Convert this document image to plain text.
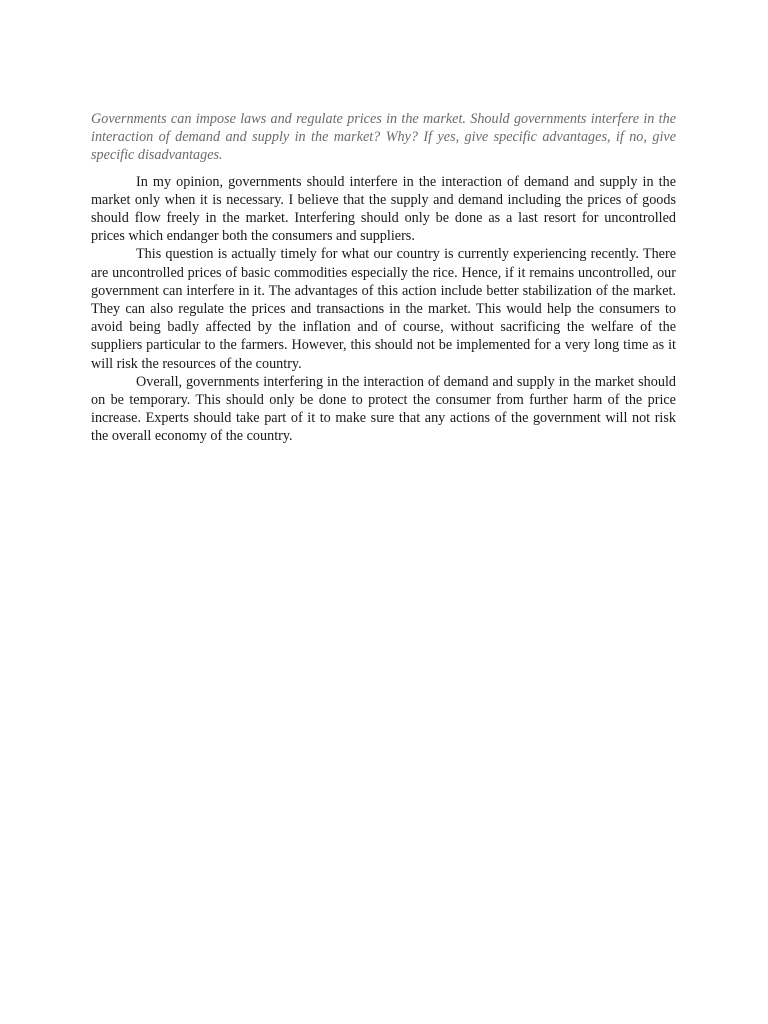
Governments can impose laws and regulate prices in the market. Should governments interfere in the interaction of demand and supply in the market? Why? If yes, give specific advantages, if no, give specific disadvantages.

In my opinion, governments should interfere in the interaction of demand and supply in the market only when it is necessary. I believe that the supply and demand including the prices of goods should flow freely in the market. Interfering should only be done as a last resort for uncontrolled prices which endanger both the consumers and suppliers.

This question is actually timely for what our country is currently experiencing recently. There are uncontrolled prices of basic commodities especially the rice. Hence, if it remains uncontrolled, our government can interfere in it. The advantages of this action include better stabilization of the market. They can also regulate the prices and transactions in the market. This would help the consumers to avoid being badly affected by the inflation and of course, without sacrificing the welfare of the suppliers particular to the farmers. However, this should not be implemented for a very long time as it will risk the resources of the country.

Overall, governments interfering in the interaction of demand and supply in the market should on be temporary. This should only be done to protect the consumer from further harm of the price increase. Experts should take part of it to make sure that any actions of the government will not risk the overall economy of the country.
